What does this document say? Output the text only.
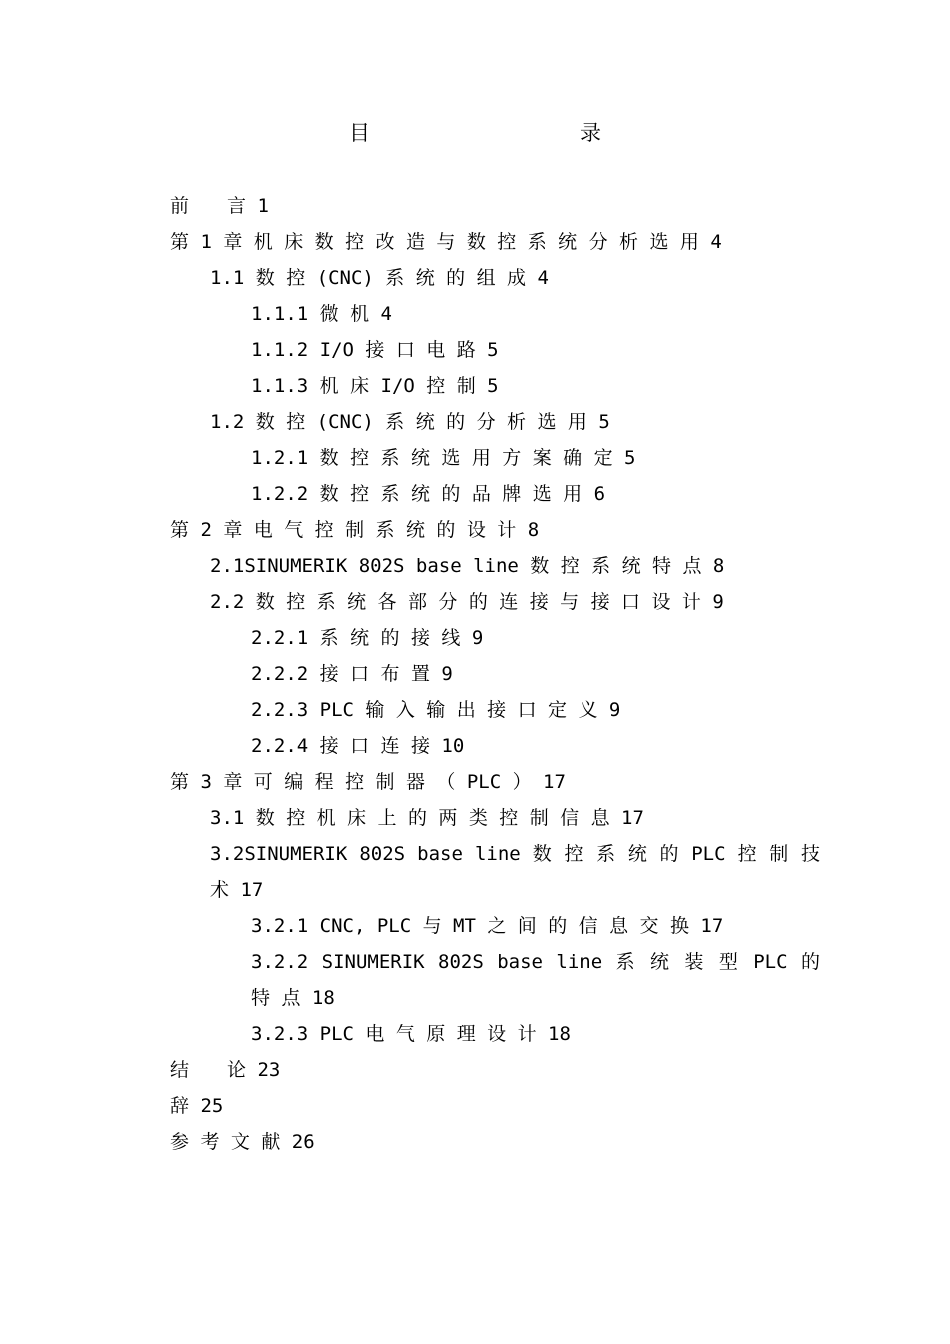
目　　录
前　　言 1
第 1 章 机 床 数 控 改 造 与 数 控 系 统 分 析 选 用 4
1.1 数 控 (CNC) 系 统 的 组 成 4
1.1.1 微 机 4
1.1.2 I/O 接 口 电 路 5
1.1.3 机 床 I/O 控 制 5
1.2 数 控 (CNC) 系 统 的 分 析 选 用 5
1.2.1 数 控 系 统 选 用 方 案 确 定 5
1.2.2 数 控 系 统 的 品 牌 选 用 6
第 2 章 电 气 控 制 系 统 的 设 计 8
2.1SINUMERIK 802S base line 数 控 系 统 特 点 8
2.2 数 控 系 统 各 部 分 的 连 接 与 接 口 设 计 9
2.2.1 系 统 的 接 线 9
2.2.2 接 口 布 置 9
2.2.3 PLC 输 入 输 出 接 口 定 义 9
2.2.4 接 口 连 接 10
第 3 章 可 编 程 控 制 器 （ PLC ） 17
3.1 数 控 机 床 上 的 两 类 控 制 信 息 17
3.2SINUMERIK 802S base line 数 控 系 统 的 PLC 控 制 技 术 17
3.2.1 CNC, PLC 与 MT 之 间 的 信 息 交 换 17
3.2.2 SINUMERIK 802S base line 系 统 装 型 PLC 的 特 点 18
3.2.3 PLC 电 气 原 理 设 计 18
结　　论 23
辞 25
参 考 文 献 26
